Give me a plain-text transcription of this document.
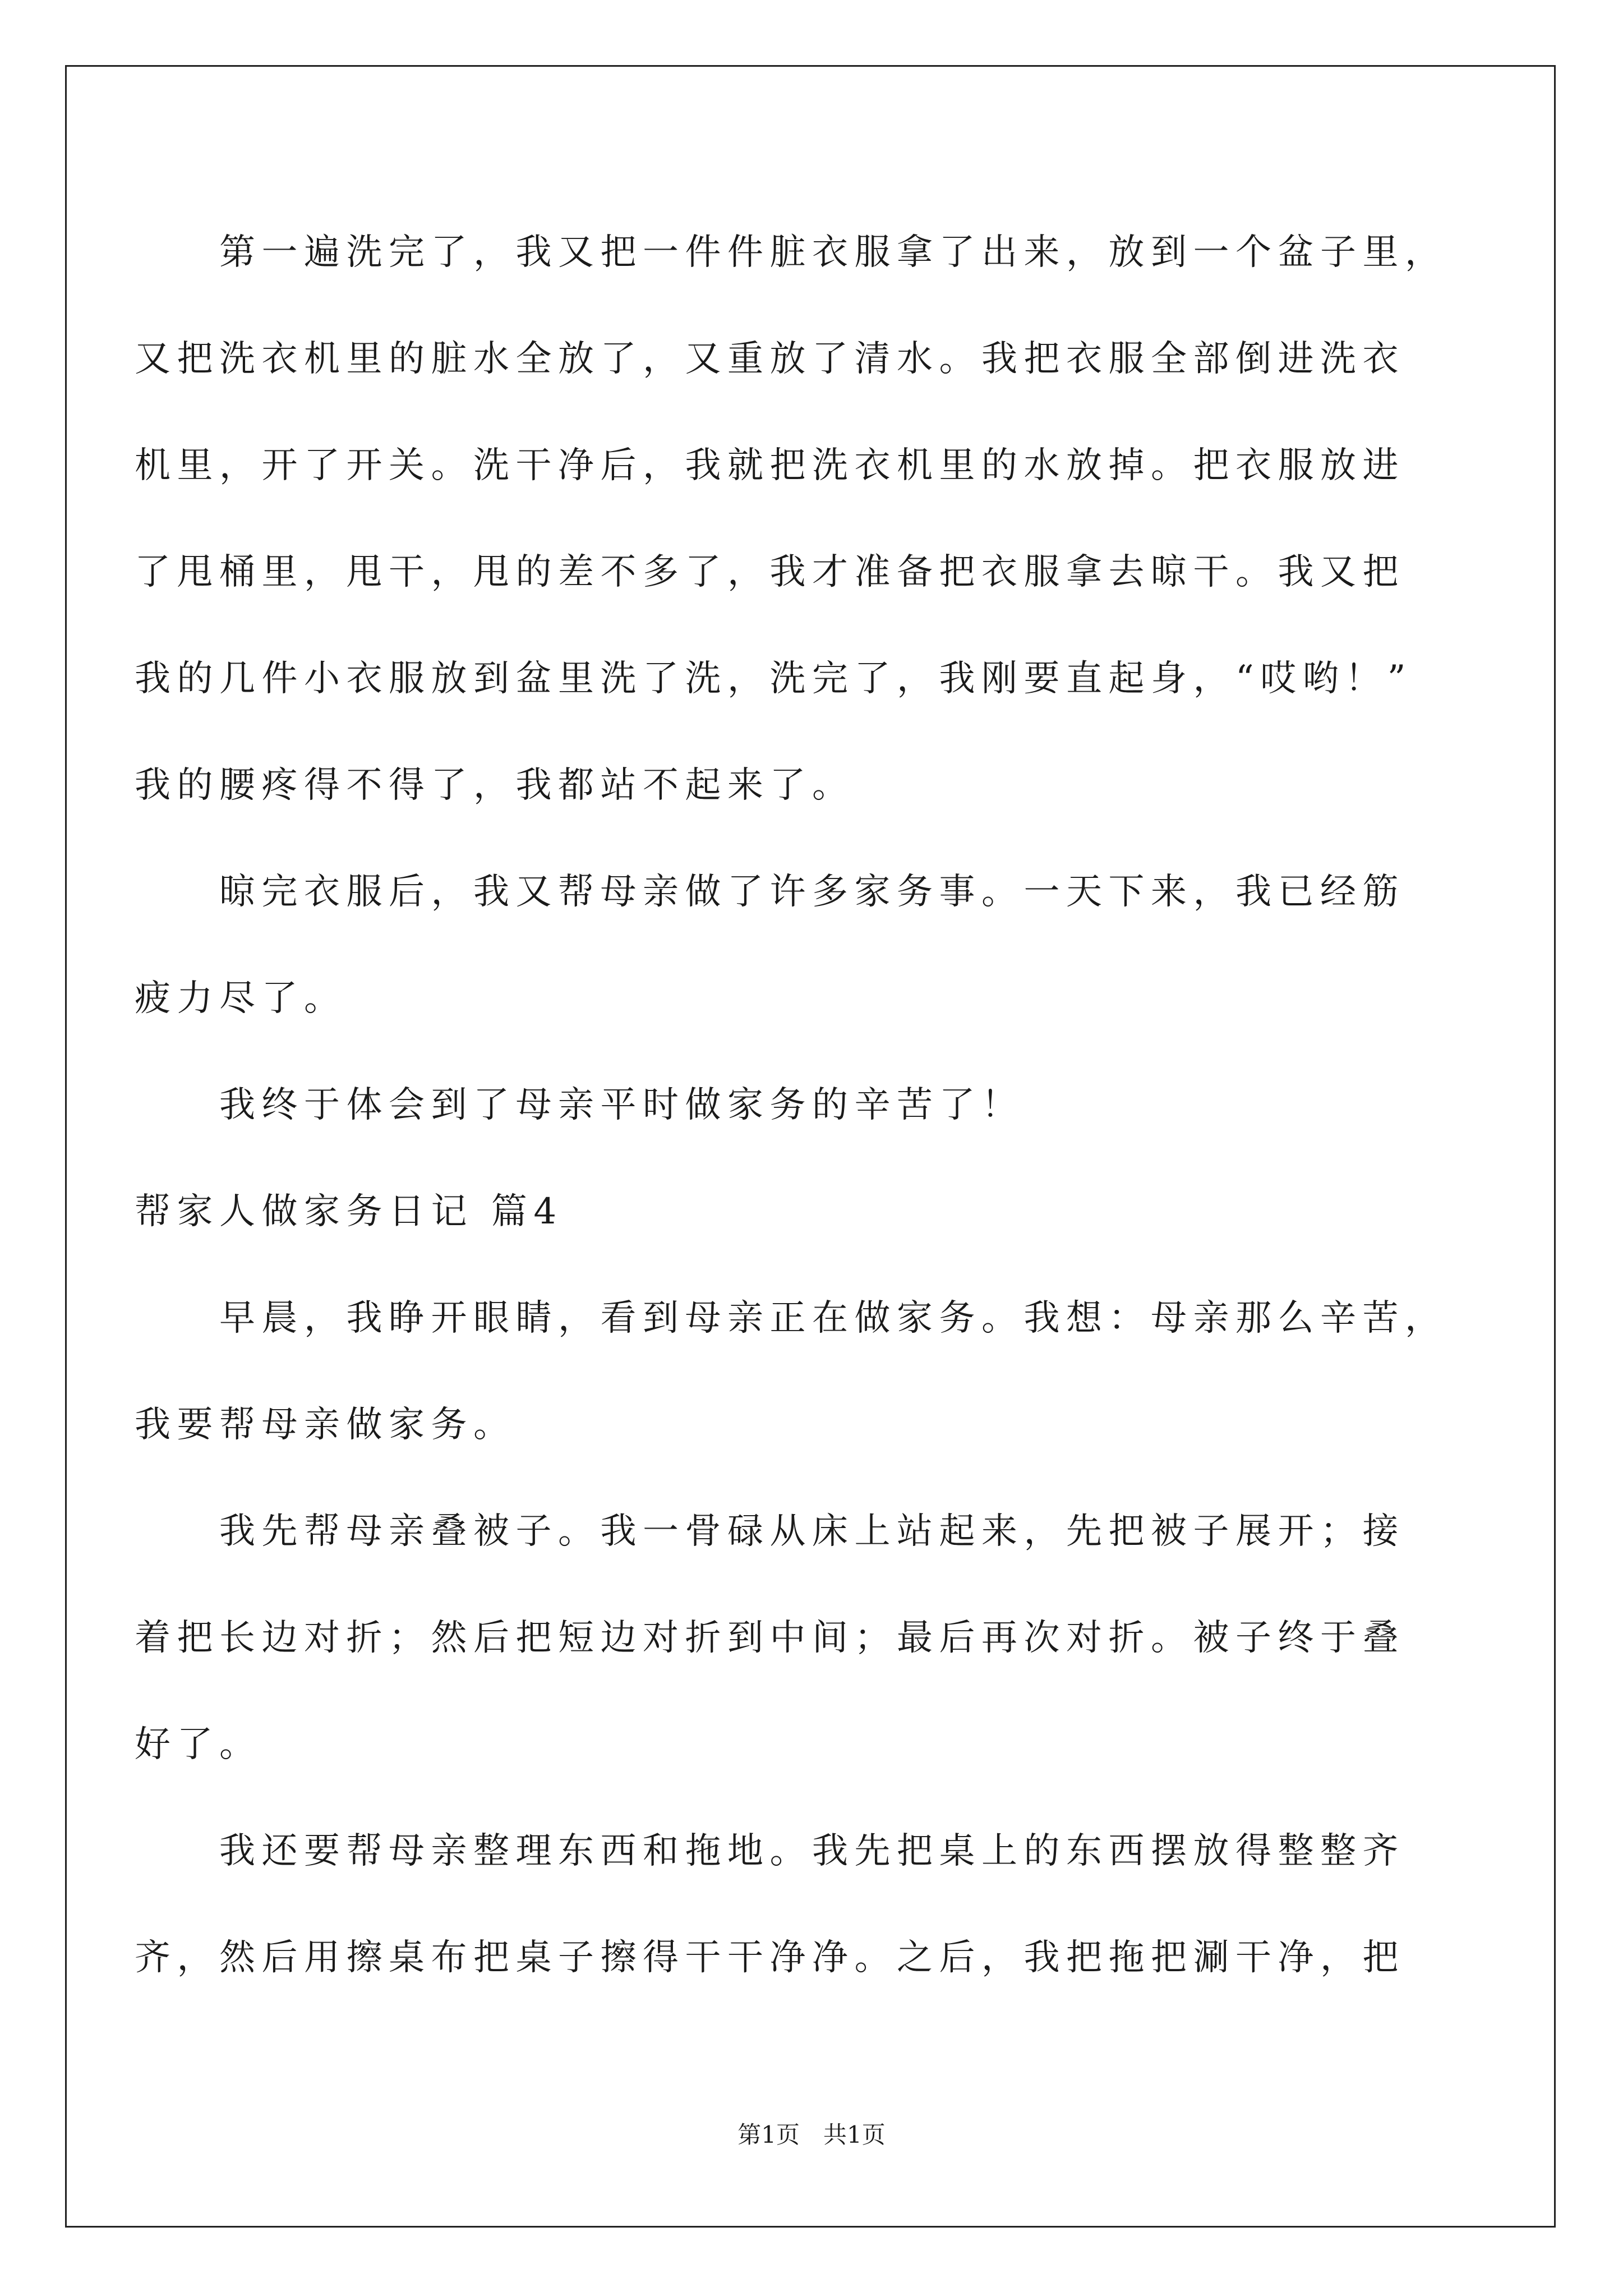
　　第一遍洗完了，我又把一件件脏衣服拿了出来，放到一个盆子里，
又把洗衣机里的脏水全放了，又重放了清水。我把衣服全部倒进洗衣
机里，开了开关。洗干净后，我就把洗衣机里的水放掉。把衣服放进
了甩桶里，甩干，甩的差不多了，我才准备把衣服拿去晾干。我又把
我的几件小衣服放到盆里洗了洗，洗完了，我刚要直起身，“哎哟！”
我的腰疼得不得了，我都站不起来了。
　　晾完衣服后，我又帮母亲做了许多家务事。一天下来，我已经筋
疲力尽了。
　　我终于体会到了母亲平时做家务的辛苦了！
帮家人做家务日记 篇4
　　早晨，我睁开眼睛，看到母亲正在做家务。我想：母亲那么辛苦，
我要帮母亲做家务。
　　我先帮母亲叠被子。我一骨碌从床上站起来，先把被子展开；接
着把长边对折；然后把短边对折到中间；最后再次对折。被子终于叠
好了。
　　我还要帮母亲整理东西和拖地。我先把桌上的东西摆放得整整齐
齐，然后用擦桌布把桌子擦得干干净净。之后，我把拖把涮干净，把
第1页　共1页
